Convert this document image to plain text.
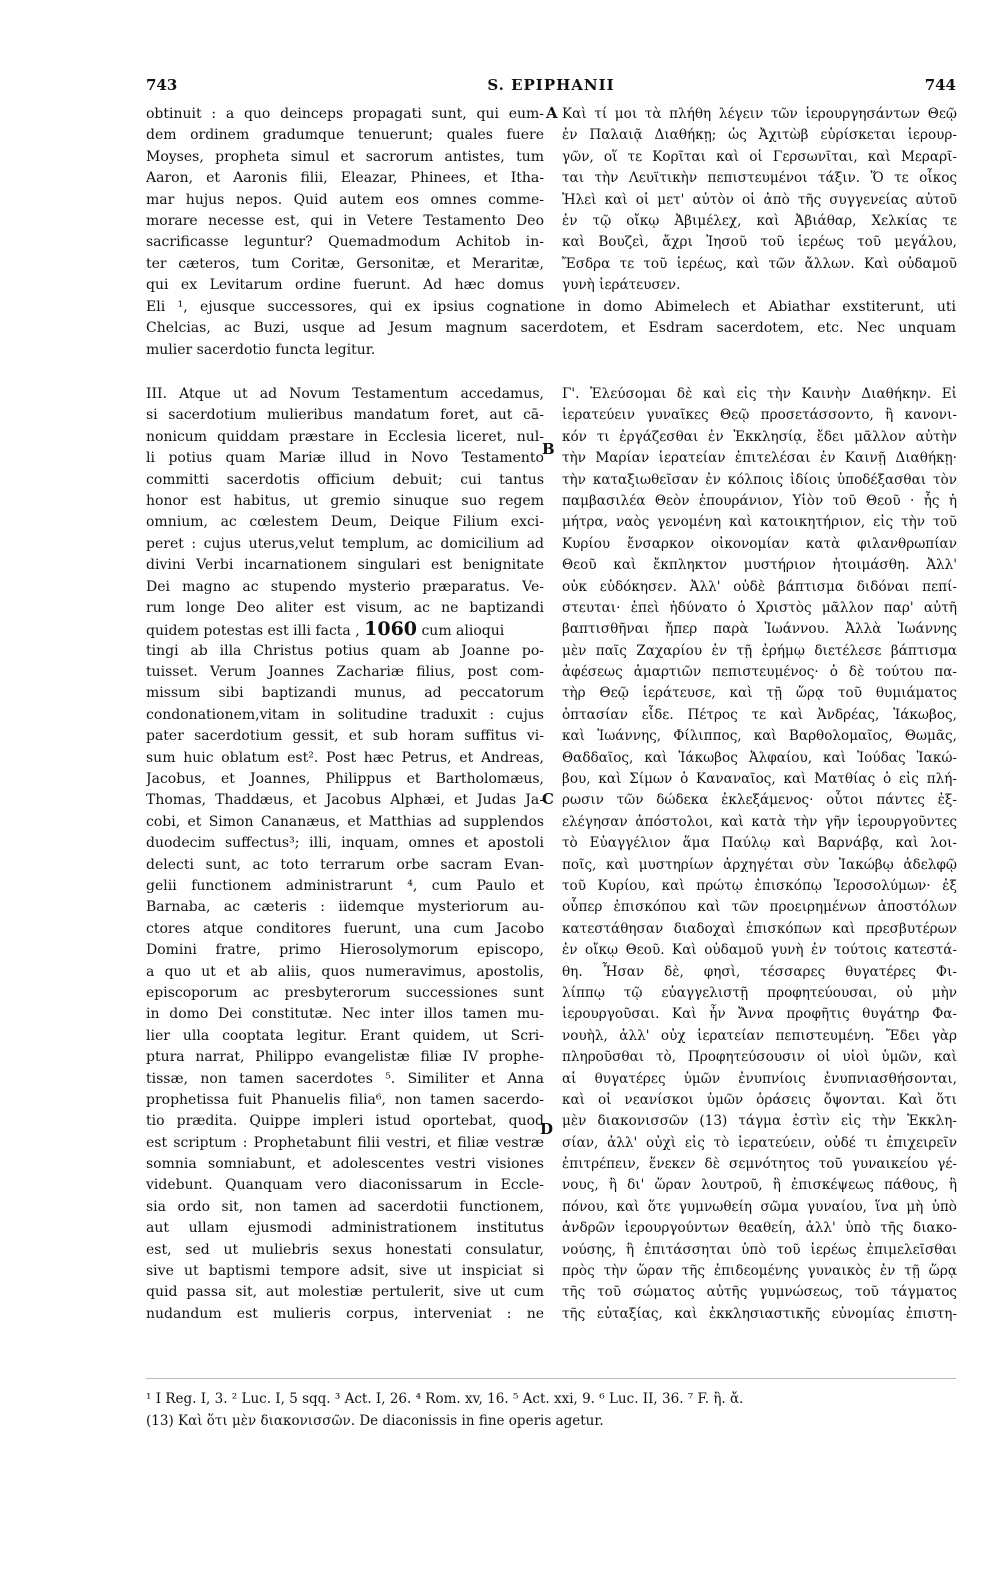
743	S. EPIPHANII	744
A
B
C
D
obtinuit : a quo deinceps propagati sunt, qui eum-
dem ordinem gradumque tenuerunt; quales fuere
Moyses, propheta simul et sacrorum antistes, tum
Aaron, et Aaronis filii, Eleazar, Phinees, et Itha-
mar hujus nepos. Quid autem eos omnes comme-
morare necesse est, qui in Vetere Testamento Deo
sacrificasse leguntur? Quemadmodum Achitob in-
ter cæteros, tum Coritæ, Gersonitæ, et Meraritæ,
qui ex Levitarum ordine fuerunt. Ad hæc domus
Καὶ τί μοι τὰ πλήθη λέγειν τῶν ἱερουργησάντων Θεῷ
ἐν Παλαιᾷ Διαθήκῃ; ὡς Ἀχιτὼβ εὑρίσκεται ἱερουρ-
γῶν, οἵ τε Κορῖται καὶ οἱ Γερσωνῖται, καὶ Μεραρῖ-
ται τὴν Λευϊτικὴν πεπιστευμένοι τάξιν. Ὅ τε οἶκος
Ἠλεὶ καὶ οἱ μετ' αὐτὸν οἱ ἀπὸ τῆς συγγενείας αὐτοῦ
ἐν τῷ οἴκῳ Ἀβιμέλεχ, καὶ Ἀβιάθαρ, Χελκίας τε
καὶ Βουζεὶ, ἄχρι Ἰησοῦ τοῦ ἱερέως τοῦ μεγάλου,
Ἔσδρα τε τοῦ ἱερέως, καὶ τῶν ἄλλων. Καὶ οὐδαμοῦ
γυνὴ ἱεράτευσεν.
Eli ¹, ejusque successores, qui ex ipsius cognatione in domo Abimelech et Abiathar exstiterunt, uti
Chelcias, ac Buzi, usque ad Jesum magnum sacerdotem, et Esdram sacerdotem, etc. Nec unquam
mulier sacerdotio functa legitur.
III. Atque ut ad Novum Testamentum accedamus,
si sacerdotium mulieribus mandatum foret, aut cā-
nonicum quiddam præstare in Ecclesia liceret, nul-
li potius quam Mariæ illud in Novo Testamento
committi sacerdotis officium debuit; cui tantus
honor est habitus, ut gremio sinuque suo regem
omnium, ac cœlestem Deum, Deique Filium exci-
peret : cujus uterus,velut templum, ac domicilium ad
divini Verbi incarnationem singulari est benignitate
Dei magno ac stupendo mysterio præparatus. Ve-
rum longe Deo aliter est visum, ac ne baptizandi
quidem potestas est illi facta , 1060 cum alioqui
tingi ab illa Christus potius quam ab Joanne po-
tuisset. Verum Joannes Zachariæ filius, post com-
missum sibi baptizandi munus, ad peccatorum
condonationem,vitam in solitudine traduxit : cujus
pater sacerdotium gessit, et sub horam suffitus vi-
sum huic oblatum est². Post hæc Petrus, et Andreas,
Jacobus, et Joannes, Philippus et Bartholomæus,
Thomas, Thaddæus, et Jacobus Alphæi, et Judas Ja-
cobi, et Simon Cananæus, et Matthias ad supplendos
duodecim suffectus³; illi, inquam, omnes et apostoli
delecti sunt, ac toto terrarum orbe sacram Evan-
gelii functionem administrarunt ⁴, cum Paulo et
Barnaba, ac cæteris : iidemque mysteriorum au-
ctores atque conditores fuerunt, una cum Jacobo
Domini fratre, primo Hierosolymorum episcopo,
a quo ut et ab aliis, quos numeravimus, apostolis,
episcoporum ac presbyterorum successiones sunt
in domo Dei constitutæ. Nec inter illos tamen mu-
lier ulla cooptata legitur. Erant quidem, ut Scri-
ptura narrat, Philippo evangelistæ filiæ IV prophe-
tissæ, non tamen sacerdotes ⁵. Similiter et Anna
prophetissa fuit Phanuelis filia⁶, non tamen sacerdo-
tio prædita. Quippe impleri istud oportebat, quod
est scriptum : Prophetabunt filii vestri, et filiæ vestræ
somnia somniabunt, et adolescentes vestri visiones
videbunt. Quanquam vero diaconissarum in Eccle-
sia ordo sit, non tamen ad sacerdotii functionem,
aut ullam ejusmodi administrationem institutus
est, sed ut muliebris sexus honestati consulatur,
sive ut baptismi tempore adsit, sive ut inspiciat si
quid passa sit, aut molestiæ pertulerit, sive ut cum
nudandum est mulieris corpus, interveniat : ne
Γ'. Ἐλεύσομαι δὲ καὶ εἰς τὴν Καινὴν Διαθήκην. Εἰ
ἱερατεύειν γυναῖκες Θεῷ προσετάσσοντο, ἢ κανονι-
κόν τι ἐργάζεσθαι ἐν Ἐκκλησίᾳ, ἔδει μᾶλλον αὐτὴν
τὴν Μαρίαν ἱερατείαν ἐπιτελέσαι ἐν Καινῇ Διαθήκῃ·
τὴν καταξιωθεῖσαν ἐν κόλποις ἰδίοις ὑποδέξασθαι τὸν
παμβασιλέα Θεὸν ἐπουράνιον, Υἱὸν τοῦ Θεοῦ · ἧς ἡ
μήτρα, ναὸς γενομένη καὶ κατοικητήριον, εἰς τὴν τοῦ
Κυρίου ἔνσαρκον οἰκονομίαν κατὰ φιλανθρωπίαν
Θεοῦ καὶ ἔκπληκτον μυστήριον ἡτοιμάσθη. Ἀλλ'
οὐκ εὐδόκησεν. Ἀλλ' οὐδὲ βάπτισμα διδόναι πεπί-
στευται· ἐπεὶ ἠδύνατο ὁ Χριστὸς μᾶλλον παρ' αὐτῆ
βαπτισθῆναι ἤπερ παρὰ Ἰωάννου. Ἀλλὰ Ἰωάννης
μὲν παῖς Ζαχαρίου ἐν τῇ ἐρήμῳ διετέλεσε βάπτισμα
ἀφέσεως ἁμαρτιῶν πεπιστευμένος· ὁ δὲ τούτου πα-
τὴρ Θεῷ ἱεράτευσε, καὶ τῇ ὥρᾳ τοῦ θυμιάματος
ὀπτασίαν εἶδε. Πέτρος τε καὶ Ἀνδρέας, Ἰάκωβος,
καὶ Ἰωάννης, Φίλιππος, καὶ Βαρθολομαῖος, Θωμᾶς,
Θαδδαῖος, καὶ Ἰάκωβος Ἀλφαίου, καὶ Ἰούδας Ἰακώ-
βου, καὶ Σίμων ὁ Καναναῖος, καὶ Ματθίας ὁ εἰς πλή-
ρωσιν τῶν δώδεκα ἐκλεξάμενος· οὗτοι πάντες ἐξ-
ελέγησαν ἀπόστολοι, καὶ κατὰ τὴν γῆν ἱερουργοῦντες
τὸ Εὐαγγέλιον ἅμα Παύλῳ καὶ Βαρνάβᾳ, καὶ λοι-
ποῖς, καὶ μυστηρίων ἀρχηγέται σὺν Ἰακώβῳ ἀδελφῷ
τοῦ Κυρίου, καὶ πρώτῳ ἐπισκόπῳ Ἱεροσολύμων· ἐξ
οὗπερ ἐπισκόπου καὶ τῶν προειρημένων ἀποστόλων
κατεστάθησαν διαδοχαὶ ἐπισκόπων καὶ πρεσβυτέρων
ἐν οἴκῳ Θεοῦ. Καὶ οὐδαμοῦ γυνὴ ἐν τούτοις κατεστά-
θη. Ἦσαν δὲ, φησὶ, τέσσαρες θυγατέρες Φι-
λίππῳ τῷ εὐαγγελιστῇ προφητεύουσαι, οὐ μὴν
ἱερουργοῦσαι. Καὶ ἦν Ἄννα προφῆτις θυγάτηρ Φα-
νουὴλ, ἀλλ' οὐχ ἱερατείαν πεπιστευμένη. Ἔδει γὰρ
πληροῦσθαι τὸ, Προφητεύσουσιν οἱ υἱοὶ ὑμῶν, καὶ
αἱ θυγατέρες ὑμῶν ἐνυπνίοις ἐνυπνιασθήσονται,
καὶ οἱ νεανίσκοι ὑμῶν ὁράσεις ὄψονται. Καὶ ὅτι
μὲν διακονισσῶν (13) τάγμα ἐστὶν εἰς τὴν Ἐκκλη-
σίαν, ἀλλ' οὐχὶ εἰς τὸ ἱερατεύειν, οὐδέ τι ἐπιχειρεῖν
ἐπιτρέπειν, ἕνεκεν δὲ σεμνότητος τοῦ γυναικείου γέ-
νους, ἢ δι' ὥραν λουτροῦ, ἢ ἐπισκέψεως πάθους, ἢ
πόνου, καὶ ὅτε γυμνωθείη σῶμα γυναίου, ἵνα μὴ ὑπὸ
ἀνδρῶν ἱερουργούντων θεαθείη, ἀλλ' ὑπὸ τῆς διακο-
νούσης, ἣ ἐπιτάσσηται ὑπὸ τοῦ ἱερέως ἐπιμελεῖσθαι
πρὸς τὴν ὥραν τῆς ἐπιδεομένης γυναικὸς ἐν τῇ ὥρᾳ
τῆς τοῦ σώματος αὐτῆς γυμνώσεως, τοῦ τάγματος
τῆς εὐταξίας, καὶ ἐκκλησιαστικῆς εὐνομίας ἐπιστη-
¹ I Reg. I, 3. ² Luc. I, 5 sqq. ³ Act. I, 26. ⁴ Rom. xv, 16. ⁵ Act. xxi, 9. ⁶ Luc. II, 36. ⁷ F. ἢ. ἄ.
(13) Καὶ ὅτι μὲν διακονισσῶν. De diaconissis in fine operis agetur.
